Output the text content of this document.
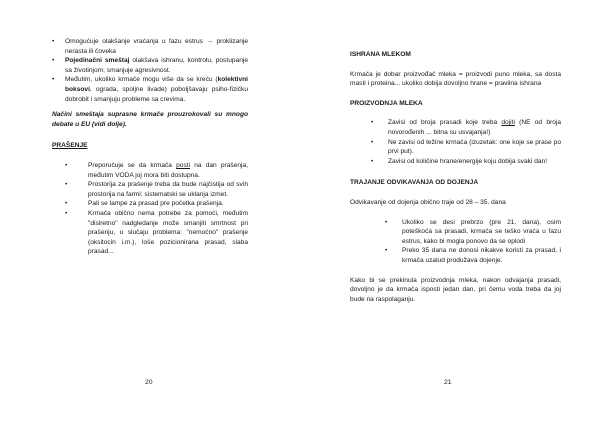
• Omogućuje olakšanje vraćanja u fazu estrus → proklizanje nerasta ili čoveka
• Pojedinačni smeštaj olakšava ishranu, kontrolu, postupanje sa životinjom; smanjuje agresivnost.
• Međutim, ukoliko krmače mogu više da se kreću (kolektivni boksovi, ograda, spoljne livade) poboljšavaju psiho-fizičku dobrobit i smanjuju probleme sa crevima.

Načini smeštaja suprasne krmače prouzrokovali su mnogo debate u EU (vidi dolje).

PRAŠENJE

•	Preporučuje se da krmača posti na dan prašenja, međutim VODA joj mora biti dostupna.
•	Prostorija za prašenje treba da bude najčistija od svih prostorija na farmi: sistematski se uklanja izmet.
•	Pali se lampe za prasad pre početka prašenja.
•	Krmača obično nema potrebe za pomoći, međutim "dislretno" nadgledanje može smanjiti smrtnost pri prašenju, u slučaju problema: "nemoćno" prašenje (oksitocin i.m.), loše pozicionirana prasad, slaba prasad...
20

ISHRANA MLEKOM

Krmača je dobar proizvođač mleka = proizvodi puno mleka, sa dosta masti i proteina... ukoliko dobija dovoljno hrane = pravilna ishrana

PROIZVODNJA MLEKA

• Zavisi od broja prasadi koje treba dojiti (NE od broja novorođenih ... bitna su usvajanja!)
• Ne zavisi od težine krmača (izuzetak: one koje se prase po prvi put).
• Zavisi od količine hrane/energije koju dobija svaki dan!

TRAJANJE ODVIKAVANJA OD DOJENJA

Odvikavanje od dojenja obično traje od 28 – 35. dana

• Ukoliko se desi prebrzo (pre 21. dana), osim poteškoća sa prasadi, krmača se teško vraća u fazu estrus, kako bi mogla ponovo da se oplodi
• Preko 35 dana ne donosi nikakve koristi za prasad, i krmača uzalud produžava dojenje.

Kako bi se prekinula proizvodnja mleka, nakon odvajanja prasadi, dovoljno je da krmača isposti jedan dan, pri čemu voda treba da joj bude na raspolaganju.

21
